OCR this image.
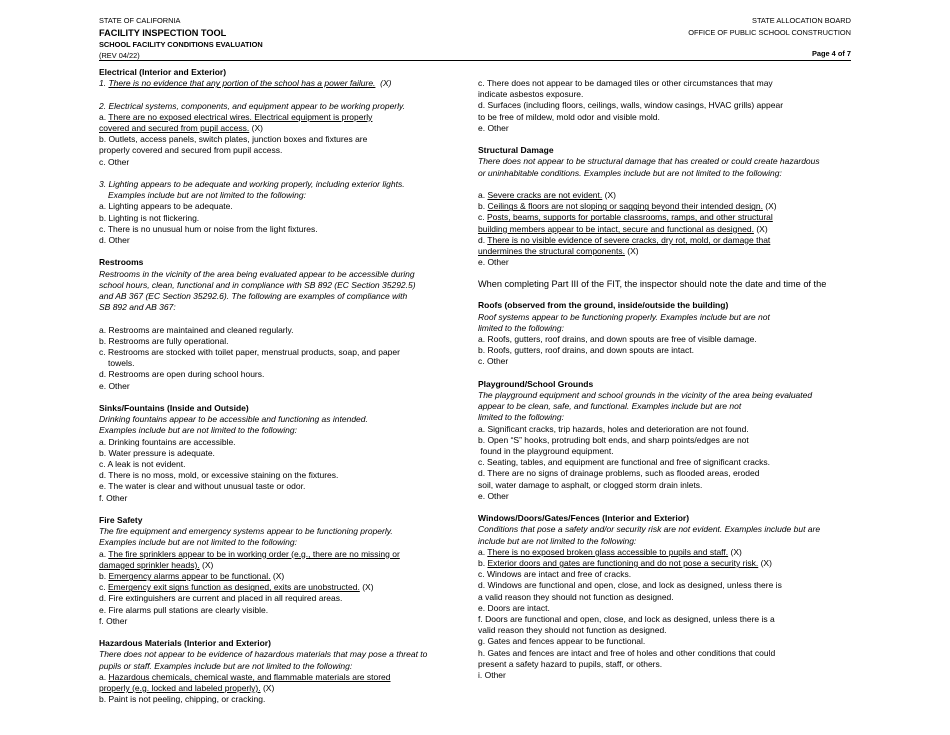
STATE OF CALIFORNIA
FACILITY INSPECTION TOOL
SCHOOL FACILITY CONDITIONS EVALUATION
(REV 04/22)
STATE ALLOCATION BOARD
OFFICE OF PUBLIC SCHOOL CONSTRUCTION
Page 4 of 7
Electrical (Interior and Exterior)
1. There is no evidence that any portion of the school has a power failure. (X)
2. Electrical systems, components, and equipment appear to be working properly.
a. There are no exposed electrical wires. Electrical equipment is properly
covered and secured from pupil access. (X)
b. Outlets, access panels, switch plates, junction boxes and fixtures are
properly covered and secured from pupil access.
c. Other
3. Lighting appears to be adequate and working properly, including exterior lights.
Examples include but are not limited to the following:
a. Lighting appears to be adequate.
b. Lighting is not flickering.
c. There is no unusual hum or noise from the light fixtures.
d. Other
Restrooms
Restrooms in the vicinity of the area being evaluated appear to be accessible during
school hours, clean, functional and in compliance with SB 892 (EC Section 35292.5)
and AB 367 (EC Section 35292.6). The following are examples of compliance with
SB 892 and AB 367:
a. Restrooms are maintained and cleaned regularly.
b. Restrooms are fully operational.
c. Restrooms are stocked with toilet paper, menstrual products, soap, and paper
towels.
d. Restrooms are open during school hours.
e. Other
Sinks/Fountains (Inside and Outside)
Drinking fountains appear to be accessible and functioning as intended.
Examples include but are not limited to the following:
a. Drinking fountains are accessible.
b. Water pressure is adequate.
c. A leak is not evident.
d. There is no moss, mold, or excessive staining on the fixtures.
e. The water is clear and without unusual taste or odor.
f. Other
Fire Safety
The fire equipment and emergency systems appear to be functioning properly.
Examples include but are not limited to the following:
a. The fire sprinklers appear to be in working order (e.g., there are no missing or
damaged sprinkler heads). (X)
b. Emergency alarms appear to be functional. (X)
c. Emergency exit signs function as designed, exits are unobstructed. (X)
d. Fire extinguishers are current and placed in all required areas.
e. Fire alarms pull stations are clearly visible.
f. Other
Hazardous Materials (Interior and Exterior)
There does not appear to be evidence of hazardous materials that may pose a threat to
pupils or staff. Examples include but are not limited to the following:
a. Hazardous chemicals, chemical waste, and flammable materials are stored
properly (e.g. locked and labeled properly). (X)
b. Paint is not peeling, chipping, or cracking.
c. There does not appear to be damaged tiles or other circumstances that may
indicate asbestos exposure.
d. Surfaces (including floors, ceilings, walls, window casings, HVAC grills) appear
to be free of mildew, mold odor and visible mold.
e. Other
Structural Damage
There does not appear to be structural damage that has created or could create hazardous
or uninhabitable conditions. Examples include but are not limited to the following:
a. Severe cracks are not evident. (X)
b. Ceilings & floors are not sloping or sagging beyond their intended design. (X)
c. Posts, beams, supports for portable classrooms, ramps, and other structural
building members appear to be intact, secure and functional as designed. (X)
d. There is no visible evidence of severe cracks, dry rot, mold, or damage that
undermines the structural components. (X)
e. Other
When completing Part III of the FIT, the inspector should note the date and time of the
Roofs (observed from the ground, inside/outside the building)
Roof systems appear to be functioning properly. Examples include but are not
limited to the following:
a. Roofs, gutters, roof drains, and down spouts are free of visible damage.
b. Roofs, gutters, roof drains, and down spouts are intact.
c. Other
Playground/School Grounds
The playground equipment and school grounds in the vicinity of the area being evaluated
appear to be clean, safe, and functional. Examples include but are not
limited to the following:
a. Significant cracks, trip hazards, holes and deterioration are not found.
b. Open “S” hooks, protruding bolt ends, and sharp points/edges are not
found in the playground equipment.
c. Seating, tables, and equipment are functional and free of significant cracks.
d. There are no signs of drainage problems, such as flooded areas, eroded
soil, water damage to asphalt, or clogged storm drain inlets.
e. Other
Windows/Doors/Gates/Fences (Interior and Exterior)
Conditions that pose a safety and/or security risk are not evident. Examples include but are
include but are not limited to the following:
a. There is no exposed broken glass accessible to pupils and staff. (X)
b. Exterior doors and gates are functioning and do not pose a security risk. (X)
c. Windows are intact and free of cracks.
d. Windows are functional and open, close, and lock as designed, unless there is
a valid reason they should not function as designed.
e. Doors are intact.
f. Doors are functional and open, close, and lock as designed, unless there is a
valid reason they should not function as designed.
g. Gates and fences appear to be functional.
h. Gates and fences are intact and free of holes and other conditions that could
present a safety hazard to pupils, staff, or others.
i. Other
